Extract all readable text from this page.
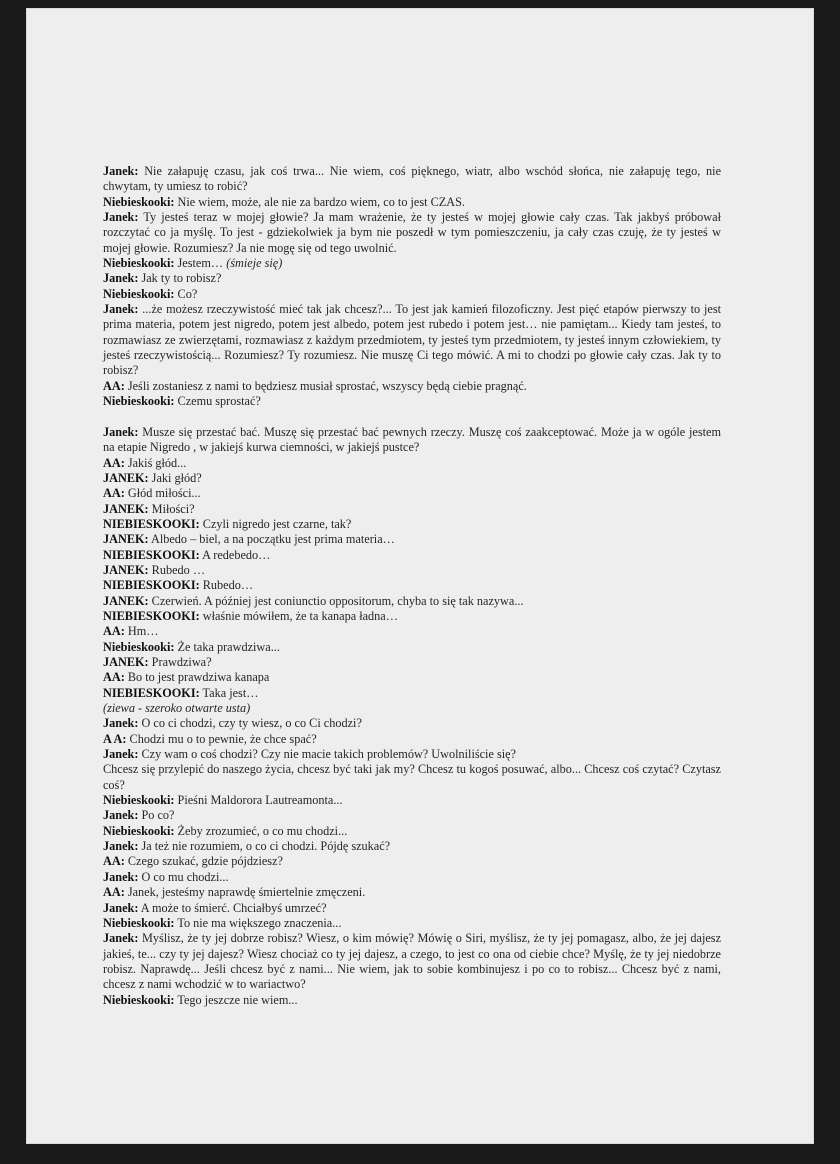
Janek: Nie załapuję czasu, jak coś trwa... Nie wiem, coś pięknego, wiatr, albo wschód słońca, nie załapuję tego, nie chwytam, ty umiesz to robić?

Niebieskooki: Nie wiem, może, ale nie za bardzo wiem, co to jest CZAS.

Janek: Ty jesteś teraz w mojej głowie? Ja mam wrażenie, że ty jesteś w mojej głowie cały czas. Tak jakbyś próbował rozczytać co ja myślę. To jest - gdziekolwiek ja bym nie poszedł w tym pomieszczeniu, ja cały czas czuję, że ty jesteś w mojej głowie. Rozumiesz? Ja nie mogę się od tego uwolnić.

Niebieskooki: Jestem… (śmieje się)

Janek: Jak ty to robisz?

Niebieskooki: Co?

Janek: ...że możesz rzeczywistość mieć tak jak chcesz?... To jest jak kamień filozoficzny. Jest pięć etapów pierwszy to jest prima materia, potem jest nigredo, potem jest albedo, potem jest rubedo i potem jest… nie pamiętam... Kiedy tam jesteś, to rozmawiasz ze zwierzętami, rozmawiasz z każdym przedmiotem, ty jesteś tym przedmiotem, ty jesteś innym człowiekiem, ty jesteś rzeczywistością... Rozumiesz? Ty rozumiesz. Nie muszę Ci tego mówić. A mi to chodzi po głowie cały czas. Jak ty to robisz?

AA: Jeśli zostaniesz z nami to będziesz musiał sprostać, wszyscy będą ciebie pragnąć.

Niebieskooki: Czemu sprostać?

Janek: Musze się przestać bać. Muszę się przestać bać pewnych rzeczy. Muszę coś zaakceptować. Może ja w ogóle jestem na etapie Nigredo , w jakiejś kurwa ciemności, w jakiejś pustce?

AA: Jakiś głód...

JANEK: Jaki głód?

AA: Głód miłości...

JANEK: Miłości?

NIEBIESKOOKI: Czyli nigredo jest czarne, tak?

JANEK: Albedo – biel, a na początku jest prima materia…

NIEBIESKOOKI: A redebedo…

JANEK: Rubedo …

NIEBIESKOOKI: Rubedo…

JANEK: Czerwień. A później jest coniunctio oppositorum, chyba to się tak nazywa...

NIEBIESKOOKI: właśnie mówiłem, że ta kanapa ładna…

AA: Hm…

Niebieskooki: Że taka prawdziwa...

JANEK: Prawdziwa?

AA: Bo to jest prawdziwa kanapa

NIEBIESKOOKI: Taka jest…

(ziewa - szeroko otwarte usta)

Janek: O co ci chodzi, czy ty wiesz, o co Ci chodzi?

A A: Chodzi mu o to pewnie, że chce spać?

Janek: Czy wam o coś chodzi? Czy nie macie takich problemów? Uwolniliście się?

Chcesz się przylepić do naszego życia, chcesz być taki jak my? Chcesz tu kogoś posuwać, albo... Chcesz coś czytać? Czytasz coś?

Niebieskooki: Pieśni Maldorora Lautreamonta...

Janek: Po co?

Niebieskooki: Żeby zrozumieć, o co mu chodzi...

Janek: Ja też nie rozumiem, o co ci chodzi. Pójdę szukać?

AA: Czego szukać, gdzie pójdziesz?

Janek: O co mu chodzi...

AA: Janek, jesteśmy naprawdę śmiertelnie zmęczeni.

Janek: A może to śmierć. Chciałbyś umrzeć?

Niebieskooki: To nie ma większego znaczenia...

Janek: Myślisz, że ty jej dobrze robisz? Wiesz, o kim mówię? Mówię o Siri, myślisz, że ty jej pomagasz, albo, że jej dajesz jakieś, te... czy ty jej dajesz? Wiesz chociaż co ty jej dajesz, a czego, to jest co ona od ciebie chce? Myślę, że ty jej niedobrze robisz. Naprawdę... Jeśli chcesz być z nami... Nie wiem, jak to sobie kombinujesz i po co to robisz... Chcesz być z nami, chcesz z nami wchodzić w to wariactwo?

Niebieskooki: Tego jeszcze nie wiem...
